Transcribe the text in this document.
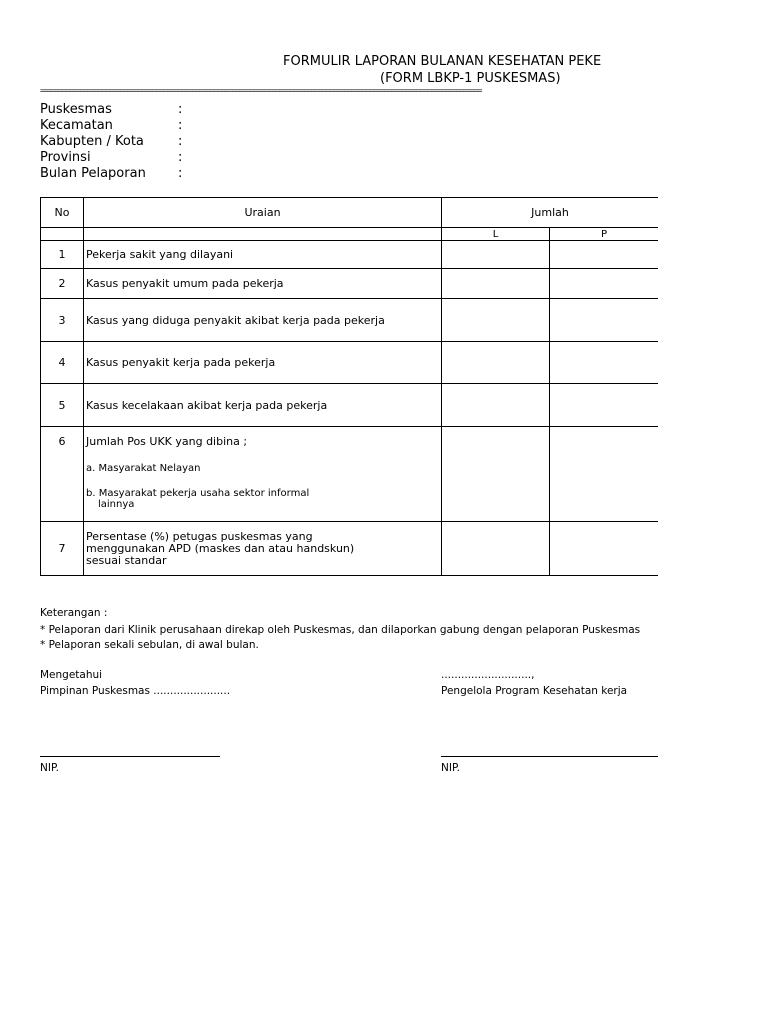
FORMULIR LAPORAN BULANAN KESEHATAN PEKE
(FORM LBKP-1 PUSKESMAS)
==========================================================================================================================
Puskesmas	:
Kecamatan	:
Kabupten / Kota	:
Provinsi	:
Bulan Pelaporan :
No	Uraian	Jumlah	
		L	P
1	Pekerja sakit yang dilayani		
2	Kasus penyakit umum pada pekerja		
3	Kasus yang diduga penyakit akibat kerja pada pekerja		
4	Kasus penyakit kerja pada pekerja		
5	Kasus kecelakaan akibat kerja pada pekerja		
6	Jumlah Pos UKK yang dibina ;
a. Masyarakat Nelayan
b. Masyarakat pekerja usaha sektor informal
lainnya		

7	Persentase (%) petugas puskesmas yang
menggunakan APD (maskes dan atau handskun)
sesuai standar		

Keterangan :
* Pelaporan dari Klinik perusahaan direkap oleh Puskesmas, dan dilaporkan gabung dengan pelaporan Puskesmas
* Pelaporan sekali sebulan, di awal bulan.
Mengetahui
Pimpinan Puskesmas .......................
NIP.
...........................,
Pengelola Program Kesehatan kerja
NIP.
